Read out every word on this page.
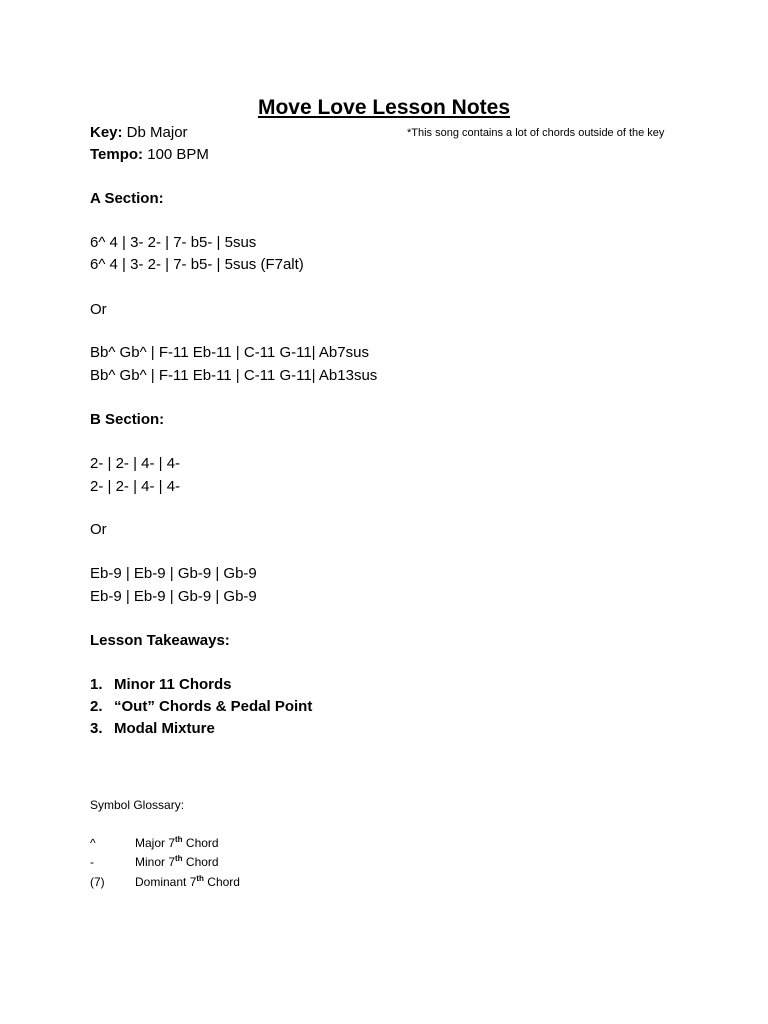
Move Love Lesson Notes
Key: Db Major	*This song contains a lot of chords outside of the key
Tempo: 100 BPM
A Section:
6^ 4 | 3- 2- | 7- b5- | 5sus
6^ 4 | 3- 2- | 7- b5- | 5sus (F7alt)
Or
Bb^ Gb^ | F-11 Eb-11 | C-11 G-11| Ab7sus
Bb^ Gb^ | F-11 Eb-11 | C-11 G-11| Ab13sus
B Section:
2- | 2- | 4- | 4-
2- | 2- | 4- | 4-
Or
Eb-9 | Eb-9 | Gb-9 | Gb-9
Eb-9 | Eb-9 | Gb-9 | Gb-9
Lesson Takeaways:
1. Minor 11 Chords
2. “Out” Chords & Pedal Point
3. Modal Mixture
Symbol Glossary:
^	Major 7th Chord
-	Minor 7th Chord
(7)	Dominant 7th Chord
